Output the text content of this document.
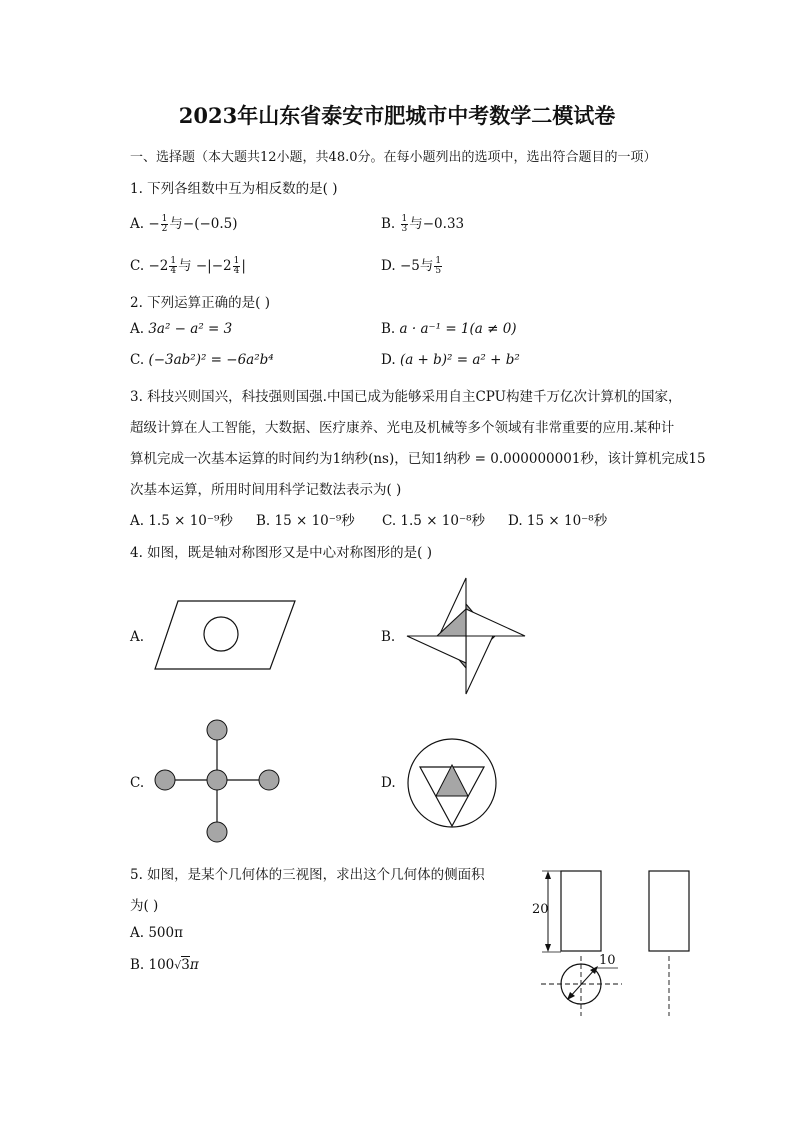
2023年山东省泰安市肥城市中考数学二模试卷
一、选择题（本大题共12小题，共48.0分。在每小题列出的选项中，选出符合题目的一项）
1. 下列各组数中互为相反数的是( )
A. − $\frac{1}{2}$ 与−(−0.5)	B. $\frac{1}{3}$ 与−0.33
C. $-2 \frac{1}{4}$ 与 $-|-2 \frac{1}{4}$ |	D. −5与 $\frac{1}{5}$
2. 下列运算正确的是( )
A. 3a² − a² = 3	B. a · a⁻¹ = 1(a ≠ 0)
C. (−3ab²)² = −6a²b⁴	D. (a + b)² = a² + b²
3. 科技兴则国兴，科技强则国强.中国已成为能够采用自主CPU构建千万亿次计算机的国家，
超级计算在人工智能，大数据、医疗康养、光电及机械等多个领域有非常重要的应用.某种计
算机完成一次基本运算的时间约为1纳秒(ns)，已知1纳秒 = 0.000000001秒，该计算机完成15
次基本运算，所用时间用科学记数法表示为( )
A. 1.5 × 10⁻⁹秒 B. 15 × 10⁻⁹秒 C. 1.5 × 10⁻⁸秒 D. 15 × 10⁻⁸秒
4. 如图，既是轴对称图形又是中心对称图形的是( )
A.	B.
C.	D.
5. 如图，是某个几何体的三视图，求出这个几何体的侧面积
为( )
A. 500π
B. 100√3π
20
10
